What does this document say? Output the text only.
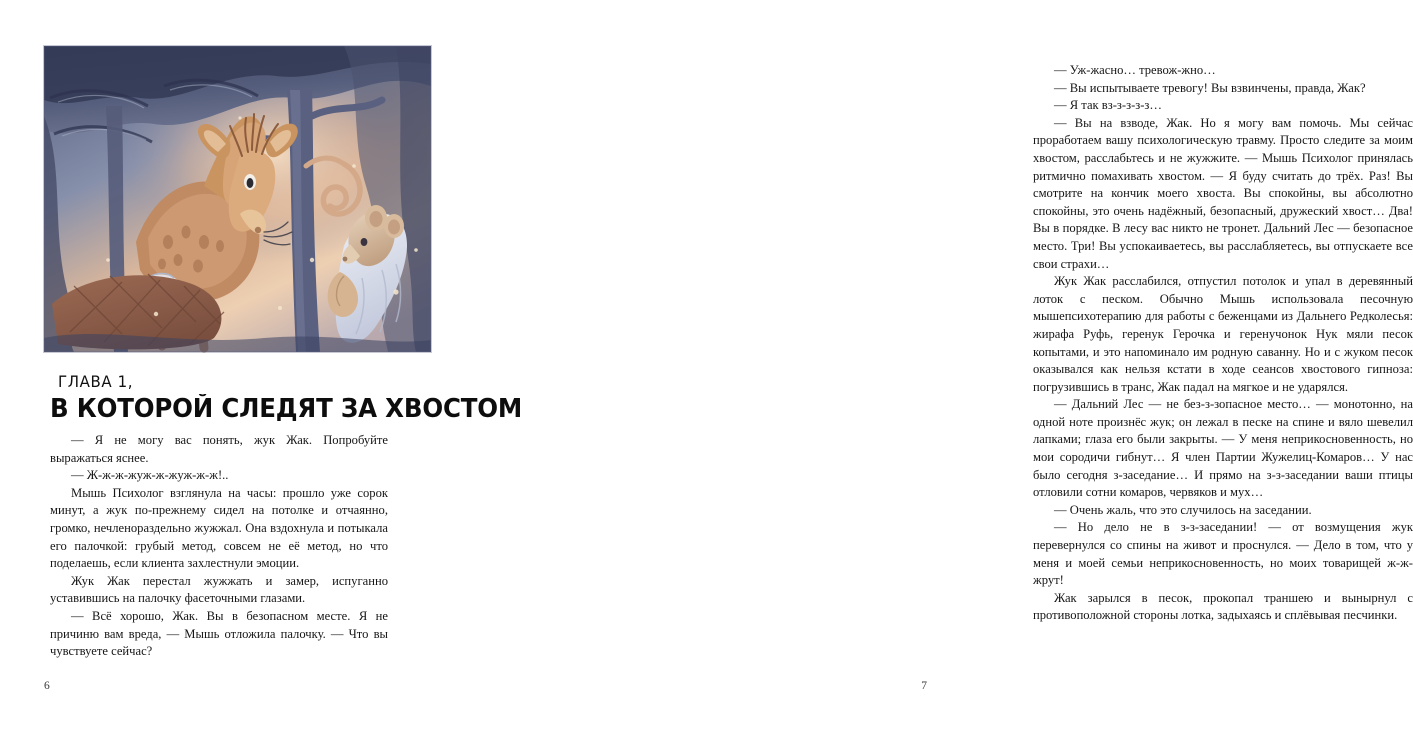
ГЛАВА 1,
В КОТОРОЙ СЛЕДЯТ ЗА ХВОСТОМ

— Я не могу вас понять, жук Жак. Попробуйте выражаться яснее.

— Ж-ж-ж-жуж-ж-жуж-ж-ж!..

Мышь Психолог взглянула на часы: прошло уже сорок минут, а жук по-прежнему сидел на потолке и отчаянно, громко, нечленораздельно жужжал. Она вздохнула и потыкала его палочкой: грубый метод, совсем не её метод, но что поделаешь, если клиента захлестнули эмоции.

Жук Жак перестал жужжать и замер, испуганно уставившись на палочку фасеточными глазами.

— Всё хорошо, Жак. Вы в безопасном месте. Я не причиню вам вреда, — Мышь отложила палочку. — Что вы чувствуете сейчас?

6

— Уж-жасно… тревож-жно…

— Вы испытываете тревогу! Вы взвинчены, правда, Жак?

— Я так вз-з-з-з-з…

— Вы на взводе, Жак. Но я могу вам помочь. Мы сейчас проработаем вашу психологическую травму. Просто следите за моим хвостом, расслабьтесь и не жужжите. — Мышь Психолог принялась ритмично помахивать хвостом. — Я буду считать до трёх. Раз! Вы смотрите на кончик моего хвоста. Вы спокойны, вы абсолютно спокойны, это очень надёжный, безопасный, дружеский хвост… Два! Вы в порядке. В лесу вас никто не тронет. Дальний Лес — безопасное место. Три! Вы успокаиваетесь, вы расслабляетесь, вы отпускаете все свои страхи…

Жук Жак расслабился, отпустил потолок и упал в деревянный лоток с песком. Обычно Мышь использовала песочную мышепсихотерапию для работы с беженцами из Дальнего Редколесья: жирафа Руфь, геренук Герочка и геренучонок Нук мяли песок копытами, и это напоминало им родную саванну. Но и с жуком песок оказывался как нельзя кстати в ходе сеансов хвостового гипноза: погрузившись в транс, Жак падал на мягкое и не ударялся.

— Дальний Лес — не без-з-зопасное место… — монотонно, на одной ноте произнёс жук; он лежал в песке на спине и вяло шевелил лапками; глаза его были закрыты. — У меня неприкосновенность, но мои сородичи гибнут… Я член Партии Жужелиц-Комаров… У нас было сегодня з-заседание… И прямо на з-з-заседании ваши птицы отловили сотни комаров, червяков и мух…

— Очень жаль, что это случилось на заседании.

— Но дело не в з-з-заседании! — от возмущения жук перевернулся со спины на живот и проснулся. — Дело в том, что у меня и моей семьи неприкосновенность, но моих товарищей ж-ж-жрут!

Жак зарылся в песок, прокопал траншею и вынырнул с противоположной стороны лотка, задыхаясь и сплёвывая песчинки.

7
